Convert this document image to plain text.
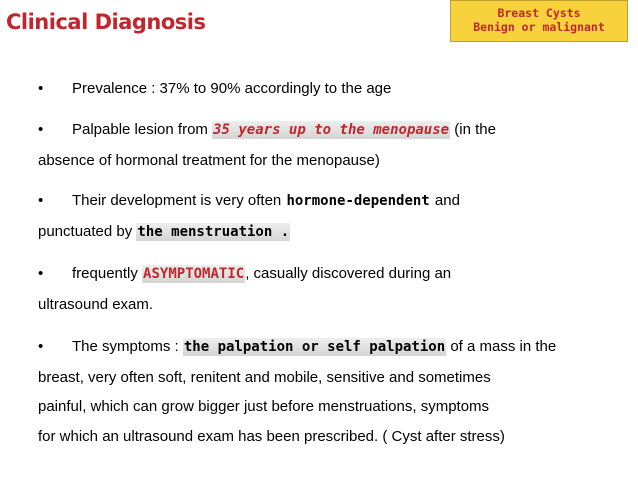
Clinical Diagnosis	Breast Cysts
Benign or malignant
• Prevalence : 37% to 90% accordingly to the age
• Palpable lesion from 35 years up to the menopause (in the
absence of hormonal treatment for the menopause)
• Their development is very often hormone-dependent and
punctuated by the menstruation .
• frequently ASYMPTOMATIC, casually discovered during an
ultrasound exam.
• The symptoms : the palpation or self palpation of a mass in the
breast, very often soft, renitent and mobile, sensitive and sometimes
painful, which can grow bigger just before menstruations, symptoms
for which an ultrasound exam has been prescribed. ( Cyst after stress)
